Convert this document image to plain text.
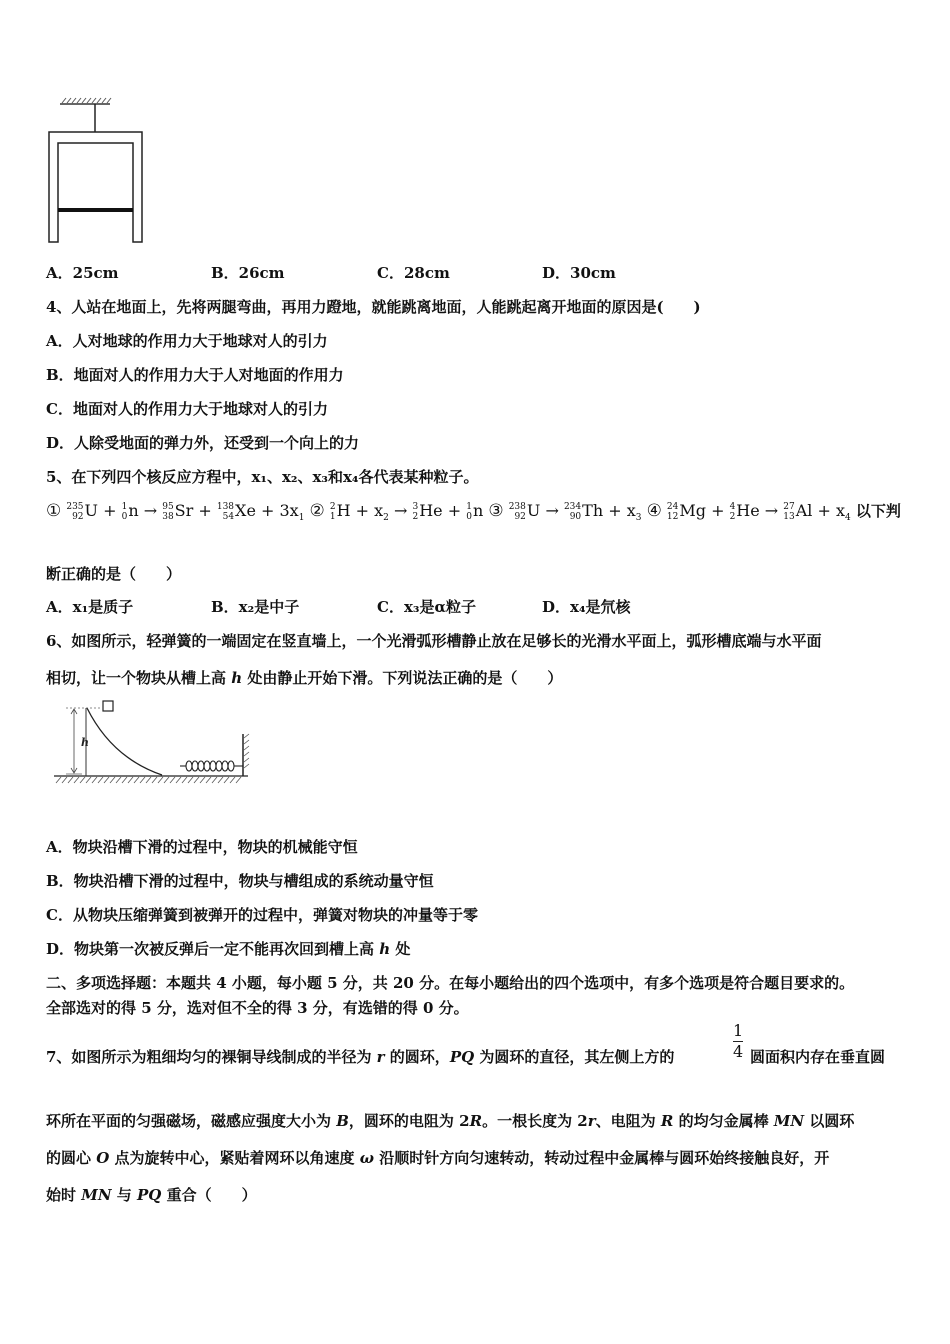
A．25cm	B．26cm	C．28cm	D．30cm
4、人站在地面上，先将两腿弯曲，再用力蹬地，就能跳离地面，人能跳起离开地面的原因是(　　)
A．人对地球的作用力大于地球对人的引力
B．地面对人的作用力大于人对地面的作用力
C．地面对人的作用力大于地球对人的引力
D．人除受地面的弹力外，还受到一个向上的力
5、在下列四个核反应方程中，x₁、x₂、x₃和x₄各代表某种粒子。
① 235
92 U + 1
0 n → 95
38 Sr + 138
54 $Xe + 3x_1$ ② 2
1 $H + x_2 \to 3$
2 He + 1
0 n ③ 238
92 U → 234
90 $Th + x_3$ ④ 24
12 Mg + 4
2 He → 27
13 $Al + x_4$ 以下判
断正确的是（　　）
A．x₁是质子	B．x₂是中子	C．x₃是α粒子	D．x₄是氘核
6、如图所示，轻弹簧的一端固定在竖直墙上，一个光滑弧形槽静止放在足够长的光滑水平面上，弧形槽底端与水平面
相切，让一个物块从槽上高 h 处由静止开始下滑。下列说法正确的是（　　）
h
A．物块沿槽下滑的过程中，物块的机械能守恒
B．物块沿槽下滑的过程中，物块与槽组成的系统动量守恒
C．从物块压缩弹簧到被弹开的过程中，弹簧对物块的冲量等于零
D．物块第一次被反弹后一定不能再次回到槽上高 h 处
二、多项选择题：本题共 4 小题，每小题 5 分，共 20 分。在每小题给出的四个选项中，有多个选项是符合题目要求的。
全部选对的得 5 分，选对但不全的得 3 分，有选错的得 0 分。
7、如图所示为粗细均匀的裸铜导线制成的半径为 r 的圆环，PQ 为圆环的直径，其左侧上方的
1
4 圆面积内存在垂直圆
环所在平面的匀强磁场，磁感应强度大小为 B，圆环的电阻为 2R。一根长度为 2r、电阻为 R 的均匀金属棒 MN 以圆环
的圆心 O 点为旋转中心，紧贴着网环以角速度 ω 沿顺时针方向匀速转动，转动过程中金属棒与圆环始终接触良好，开
始时 MN 与 PQ 重合（　　）
